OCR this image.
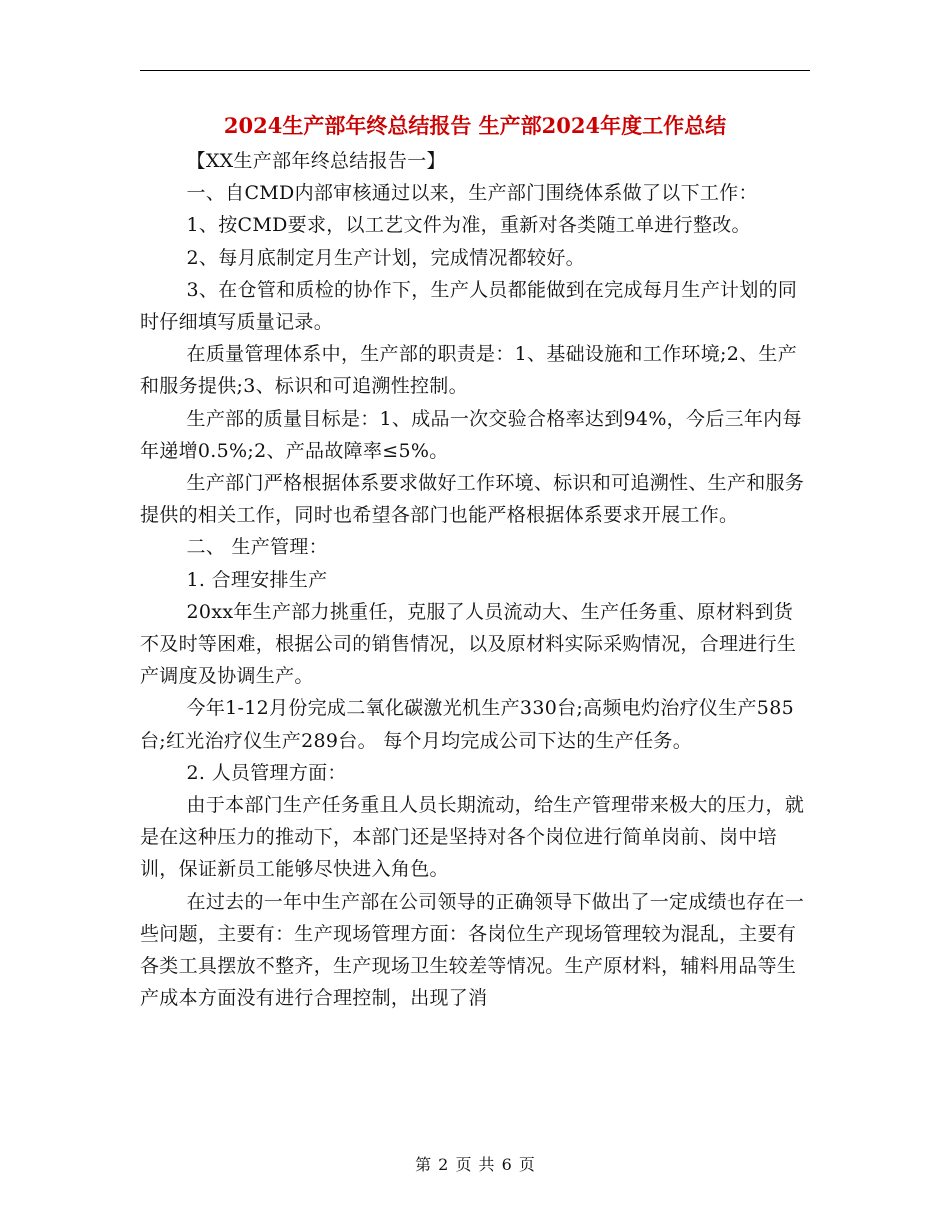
2024生产部年终总结报告 生产部2024年度工作总结

【XX生产部年终总结报告一】

一、自CMD内部审核通过以来，生产部门围绕体系做了以下工作：

1、按CMD要求，以工艺文件为准，重新对各类随工单进行整改。

2、每月底制定月生产计划，完成情况都较好。

3、在仓管和质检的协作下，生产人员都能做到在完成每月生产计划的同时仔细填写质量记录。

在质量管理体系中，生产部的职责是：1、基础设施和工作环境;2、生产和服务提供;3、标识和可追溯性控制。

生产部的质量目标是：1、成品一次交验合格率达到94%，今后三年内每年递增0.5%;2、产品故障率≤5%。

生产部门严格根据体系要求做好工作环境、标识和可追溯性、生产和服务提供的相关工作，同时也希望各部门也能严格根据体系要求开展工作。

二、 生产管理：

1. 合理安排生产

20xx年生产部力挑重任，克服了人员流动大、生产任务重、原材料到货不及时等困难，根据公司的销售情况，以及原材料实际采购情况，合理进行生产调度及协调生产。

今年1-12月份完成二氧化碳激光机生产330台;高频电灼治疗仪生产585台;红光治疗仪生产289台。 每个月均完成公司下达的生产任务。

2. 人员管理方面：

由于本部门生产任务重且人员长期流动，给生产管理带来极大的压力，就是在这种压力的推动下，本部门还是坚持对各个岗位进行简单岗前、岗中培训，保证新员工能够尽快进入角色。

在过去的一年中生产部在公司领导的正确领导下做出了一定成绩也存在一些问题，主要有：生产现场管理方面：各岗位生产现场管理较为混乱，主要有各类工具摆放不整齐，生产现场卫生较差等情况。生产原材料，辅料用品等生产成本方面没有进行合理控制，出现了消

第 2 页 共 6 页
